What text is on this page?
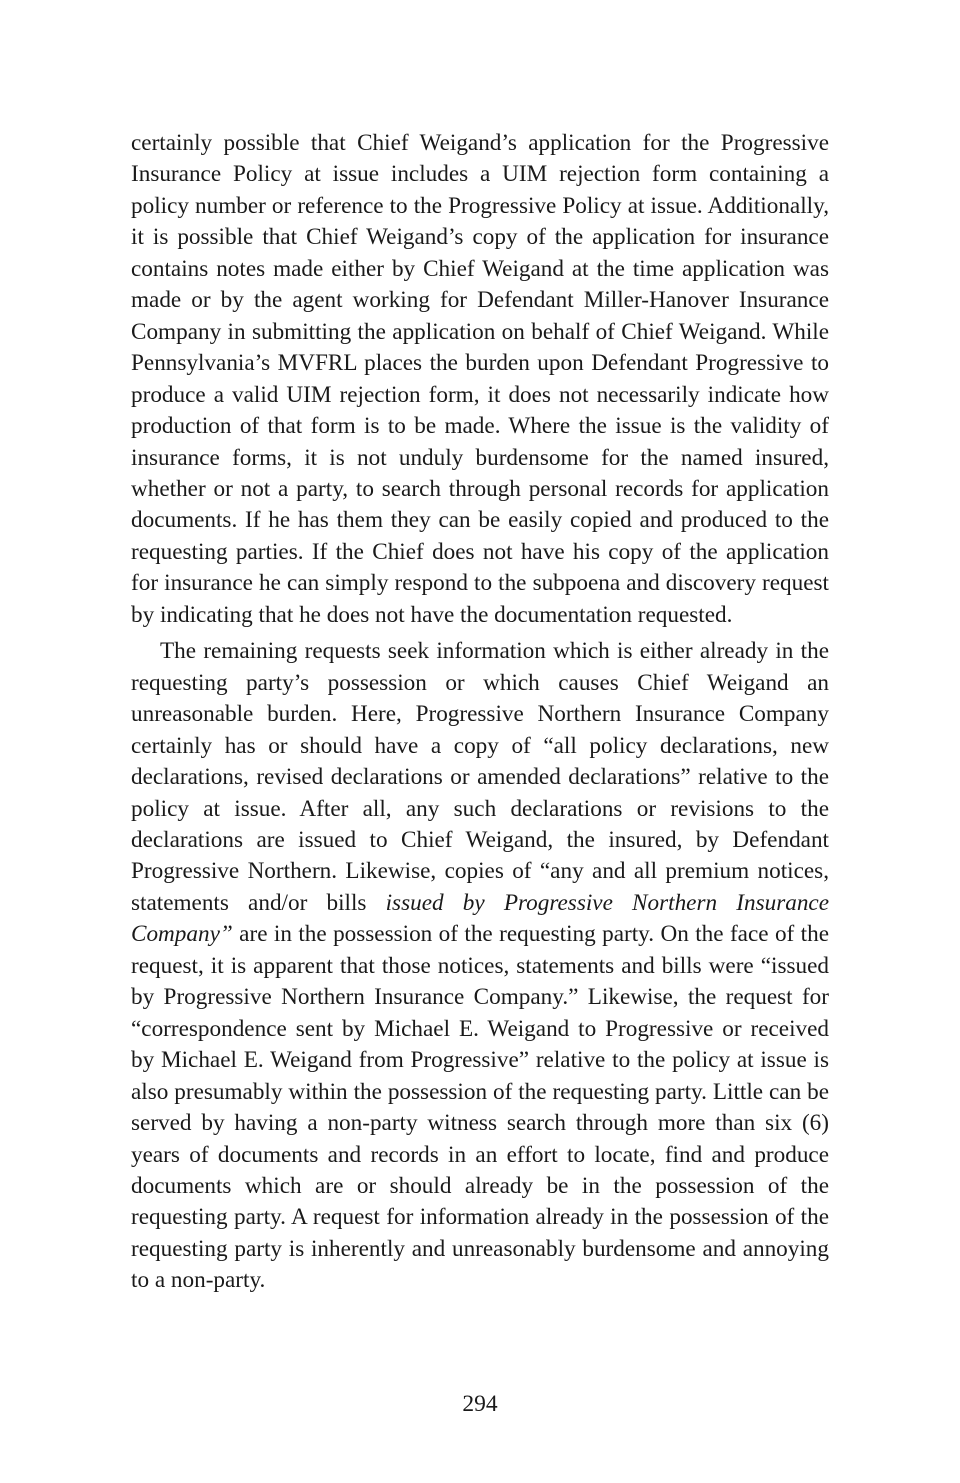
certainly possible that Chief Weigand’s application for the Progressive Insurance Policy at issue includes a UIM rejection form containing a policy number or reference to the Progressive Policy at issue. Additionally, it is possible that Chief Weigand’s copy of the application for insurance contains notes made either by Chief Weigand at the time application was made or by the agent working for Defendant Miller-Hanover Insurance Company in submitting the application on behalf of Chief Weigand. While Pennsylvania’s MVFRL places the burden upon Defendant Progressive to produce a valid UIM rejection form, it does not necessarily indicate how production of that form is to be made. Where the issue is the validity of insurance forms, it is not unduly burdensome for the named insured, whether or not a party, to search through personal records for application documents. If he has them they can be easily copied and produced to the requesting parties. If the Chief does not have his copy of the application for insurance he can simply respond to the subpoena and discovery request by indicating that he does not have the documentation requested.

The remaining requests seek information which is either already in the requesting party’s possession or which causes Chief Weigand an unreasonable burden. Here, Progressive Northern Insurance Company certainly has or should have a copy of “all policy declarations, new declarations, revised declarations or amended declarations” relative to the policy at issue. After all, any such declarations or revisions to the declarations are issued to Chief Weigand, the insured, by Defendant Progressive Northern. Likewise, copies of “any and all premium notices, statements and/or bills issued by Progressive Northern Insurance Company” are in the possession of the requesting party. On the face of the request, it is apparent that those notices, statements and bills were “issued by Progressive Northern Insurance Company.” Likewise, the request for “correspondence sent by Michael E. Weigand to Progressive or received by Michael E. Weigand from Progressive” relative to the policy at issue is also presumably within the possession of the requesting party. Little can be served by having a non-party witness search through more than six (6) years of documents and records in an effort to locate, find and produce documents which are or should already be in the possession of the requesting party. A request for information already in the possession of the requesting party is inherently and unreasonably burdensome and annoying to a non-party.

294
